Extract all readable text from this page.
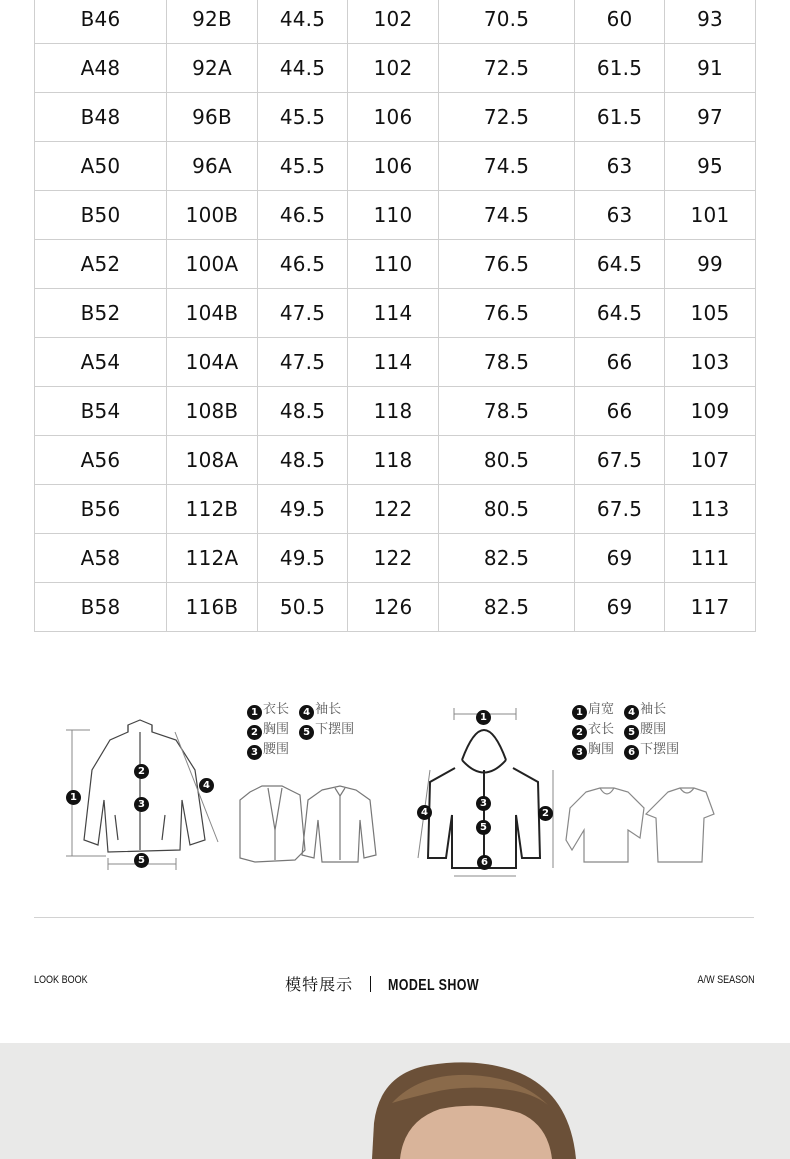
B46	92B	44.5	102	70.5	60	93
A48	92A	44.5	102	72.5	61.5	91
B48	96B	45.5	106	72.5	61.5	97
A50	96A	45.5	106	74.5	63	95
B50	100B	46.5	110	74.5	63	101
A52	100A	46.5	110	76.5	64.5	99
B52	104B	47.5	114	76.5	64.5	105
A54	104A	47.5	114	78.5	66	103
B54	108B	48.5	118	78.5	66	109
A56	108A	48.5	118	80.5	67.5	107
B56	112B	49.5	122	80.5	67.5	113
A58	112A	49.5	122	82.5	69	111
B58	116B	50.5	126	82.5	69	117
1
2
3
4
5
1
2
3
4
5
6
1 衣长 4 袖长
2 胸围 5 下摆围
3 腰围
1 肩宽 4 袖长
2 衣长 5 腰围
3 胸围 6 下摆围
LOOK BOOK	模特展示 MODEL SHOW	A/W SEASON
